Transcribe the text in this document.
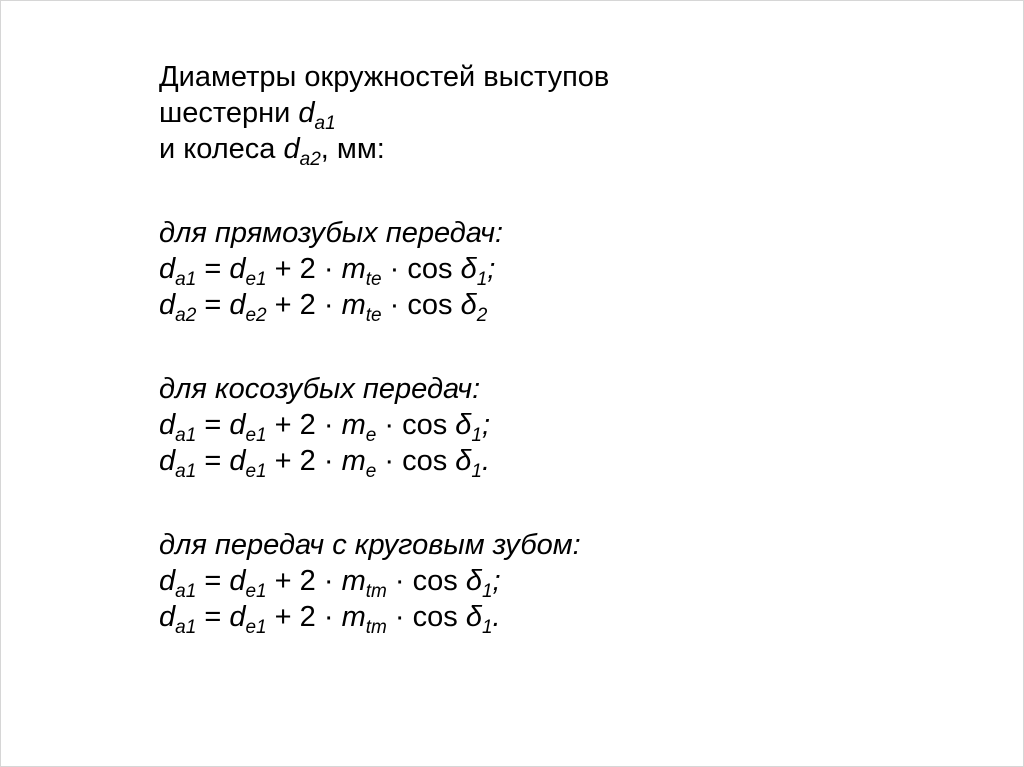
Диаметры окружностей выступов
шестерни $d_{a1}$
и колеса $d_{a2}$, мм:
для прямозубых передач:
$d_{a1} = d_{e1} + 2 \cdot m_{te} \cdot \cos \delta_1$;
$d_{a2} = d_{e2} + 2 \cdot m_{te} \cdot \cos \delta_2$
для косозубых передач:
$d_{a1} = d_{e1} + 2 \cdot m_e \cdot \cos \delta_1$;
$d_{a1} = d_{e1} + 2 \cdot m_e \cdot \cos \delta_1$.
для передач с круговым зубом:
$d_{a1} = d_{e1} + 2 \cdot m_{tm} \cdot \cos \delta_1$;
$d_{a1} = d_{e1} + 2 \cdot m_{tm} \cdot \cos \delta_1$.
